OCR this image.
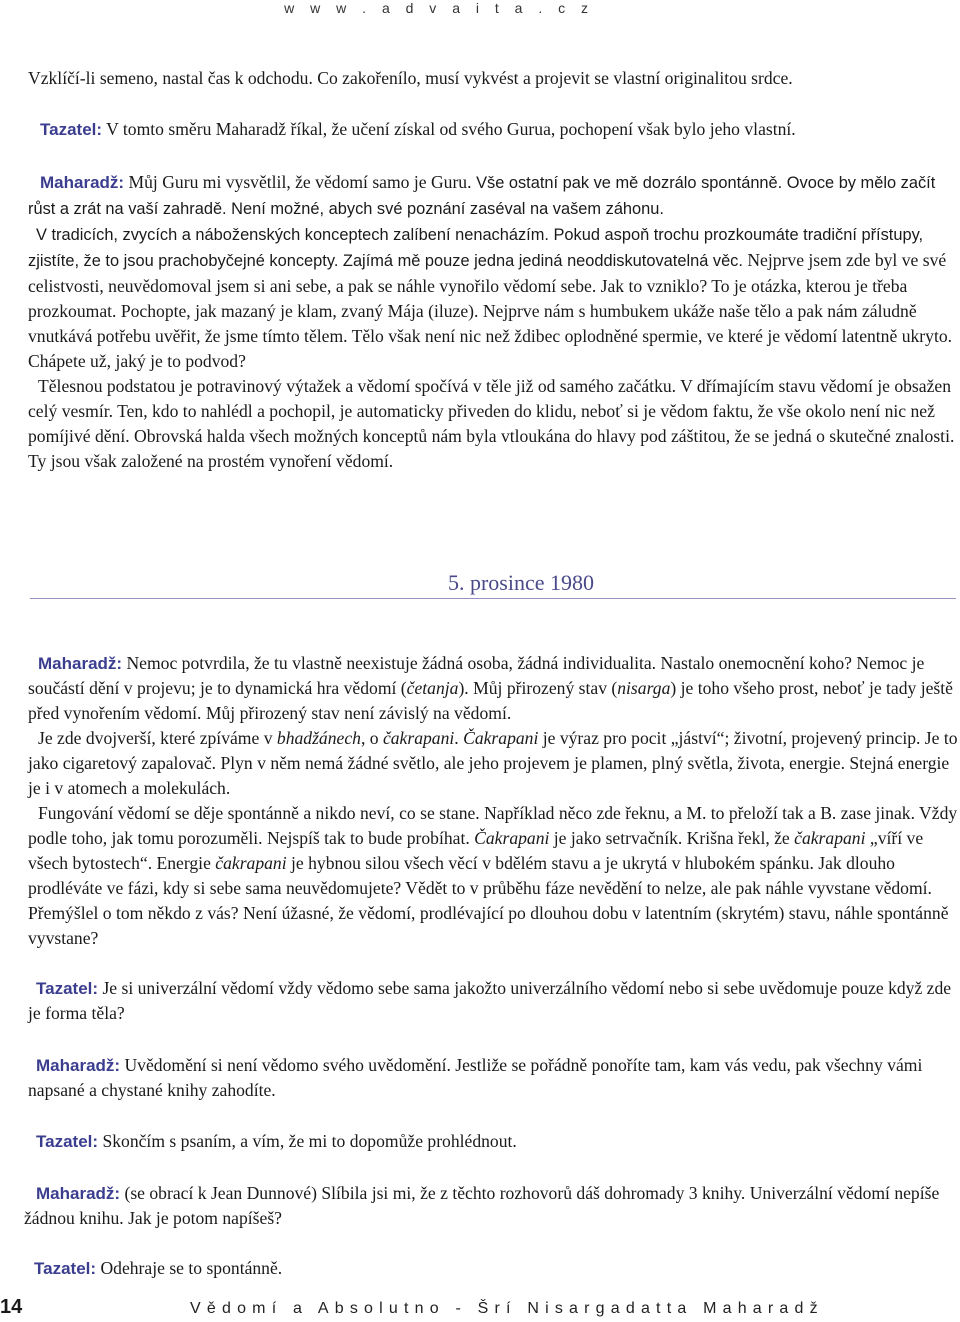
w w w . a d v a i t a . c z

Vzklíčí-li semeno, nastal čas k odchodu. Co zakořenílo, musí vykvést a projevit se vlastní originalitou srdce.

Tazatel: V tomto směru Maharadž říkal, že učení získal od svého Gurua, pochopení však bylo jeho vlastní.

Maharadž: Můj Guru mi vysvětlil, že vědomí samo je Guru. Vše ostatní pak ve mě dozrálo spontánně. Ovoce by mělo začít růst a zrát na vaší zahradě. Není možné, abych své poznání zaséval na vašem záhonu.

V tradicích, zvycích a náboženských konceptech zalíbení nenacházím. Pokud aspoň trochu prozkoumáte tradiční přístupy, zjistíte, že to jsou prachobyčejné koncepty. Zajímá mě pouze jedna jediná neoddiskutovatelná věc. Nejprve jsem zde byl ve své celistvosti, neuvědomoval jsem si ani sebe, a pak se náhle vynořilo vědomí sebe. Jak to vzniklo? To je otázka, kterou je třeba prozkoumat. Pochopte, jak mazaný je klam, zvaný Mája (iluze). Nejprve nám s humbukem ukáže naše tělo a pak nám záludně vnutkává potřebu uvěřit, že jsme tímto tělem. Tělo však není nic než ždibec oplodněné spermie, ve které je vědomí latentně ukryto. Chápete už, jaký je to podvod?

Tělesnou podstatou je potravinový výtažek a vědomí spočívá v těle již od samého začátku. V dřímajícím stavu vědomí je obsažen celý vesmír. Ten, kdo to nahlédl a pochopil, je automaticky přiveden do klidu, neboť si je vědom faktu, že vše okolo není nic než pomíjivé dění. Obrovská halda všech možných konceptů nám byla vtloukána do hlavy pod záštitou, že se jedná o skutečné znalosti. Ty jsou však založené na prostém vynoření vědomí.

5. prosince 1980

Maharadž: Nemoc potvrdila, že tu vlastně neexistuje žádná osoba, žádná individualita. Nastalo onemocnění koho? Nemoc je součástí dění v projevu; je to dynamická hra vědomí (četanja). Můj přirozený stav (nisarga) je toho všeho prost, neboť je tady ještě před vynořením vědomí. Můj přirozený stav není závislý na vědomí.

Je zde dvojverší, které zpíváme v bhadžánech, o čakrapani. Čakrapani je výraz pro pocit „jáství“; životní, projevený princip. Je to jako cigaretový zapalovač. Plyn v něm nemá žádné světlo, ale jeho projevem je plamen, plný světla, života, energie. Stejná energie je i v atomech a molekulách.

Fungování vědomí se děje spontánně a nikdo neví, co se stane. Například něco zde řeknu, a M. to přeloží tak a B. zase jinak. Vždy podle toho, jak tomu porozuměli. Nejspíš tak to bude probíhat. Čakrapani je jako setrvačník. Krišna řekl, že čakrapani „víří ve všech bytostech“. Energie čakrapani je hybnou silou všech věcí v bdělém stavu a je ukrytá v hlubokém spánku. Jak dlouho prodléváte ve fázi, kdy si sebe sama neuvědomujete? Vědět to v průběhu fáze nevědění to nelze, ale pak náhle vyvstane vědomí. Přemýšlel o tom někdo z vás? Není úžasné, že vědomí, prodlévající po dlouhou dobu v latentním (skrytém) stavu, náhle spontánně vyvstane?

Tazatel: Je si univerzální vědomí vždy vědomo sebe sama jakožto univerzálního vědomí nebo si sebe uvědomuje pouze když zde je forma těla?

Maharadž: Uvědomění si není vědomo svého uvědomění. Jestliže se pořádně ponoříte tam, kam vás vedu, pak všechny vámi napsané a chystané knihy zahodíte.

Tazatel: Skončím s psaním, a vím, že mi to dopomůže prohlédnout.

Maharadž: (se obrací k Jean Dunnové) Slíbila jsi mi, že z těchto rozhovorů dáš dohromady 3 knihy. Univerzální vědomí nepíše žádnou knihu. Jak je potom napíšeš?

Tazatel: Odehraje se to spontánně.

14	Vědomí a Absolutno - Šrí Nisargadatta Maharadž
